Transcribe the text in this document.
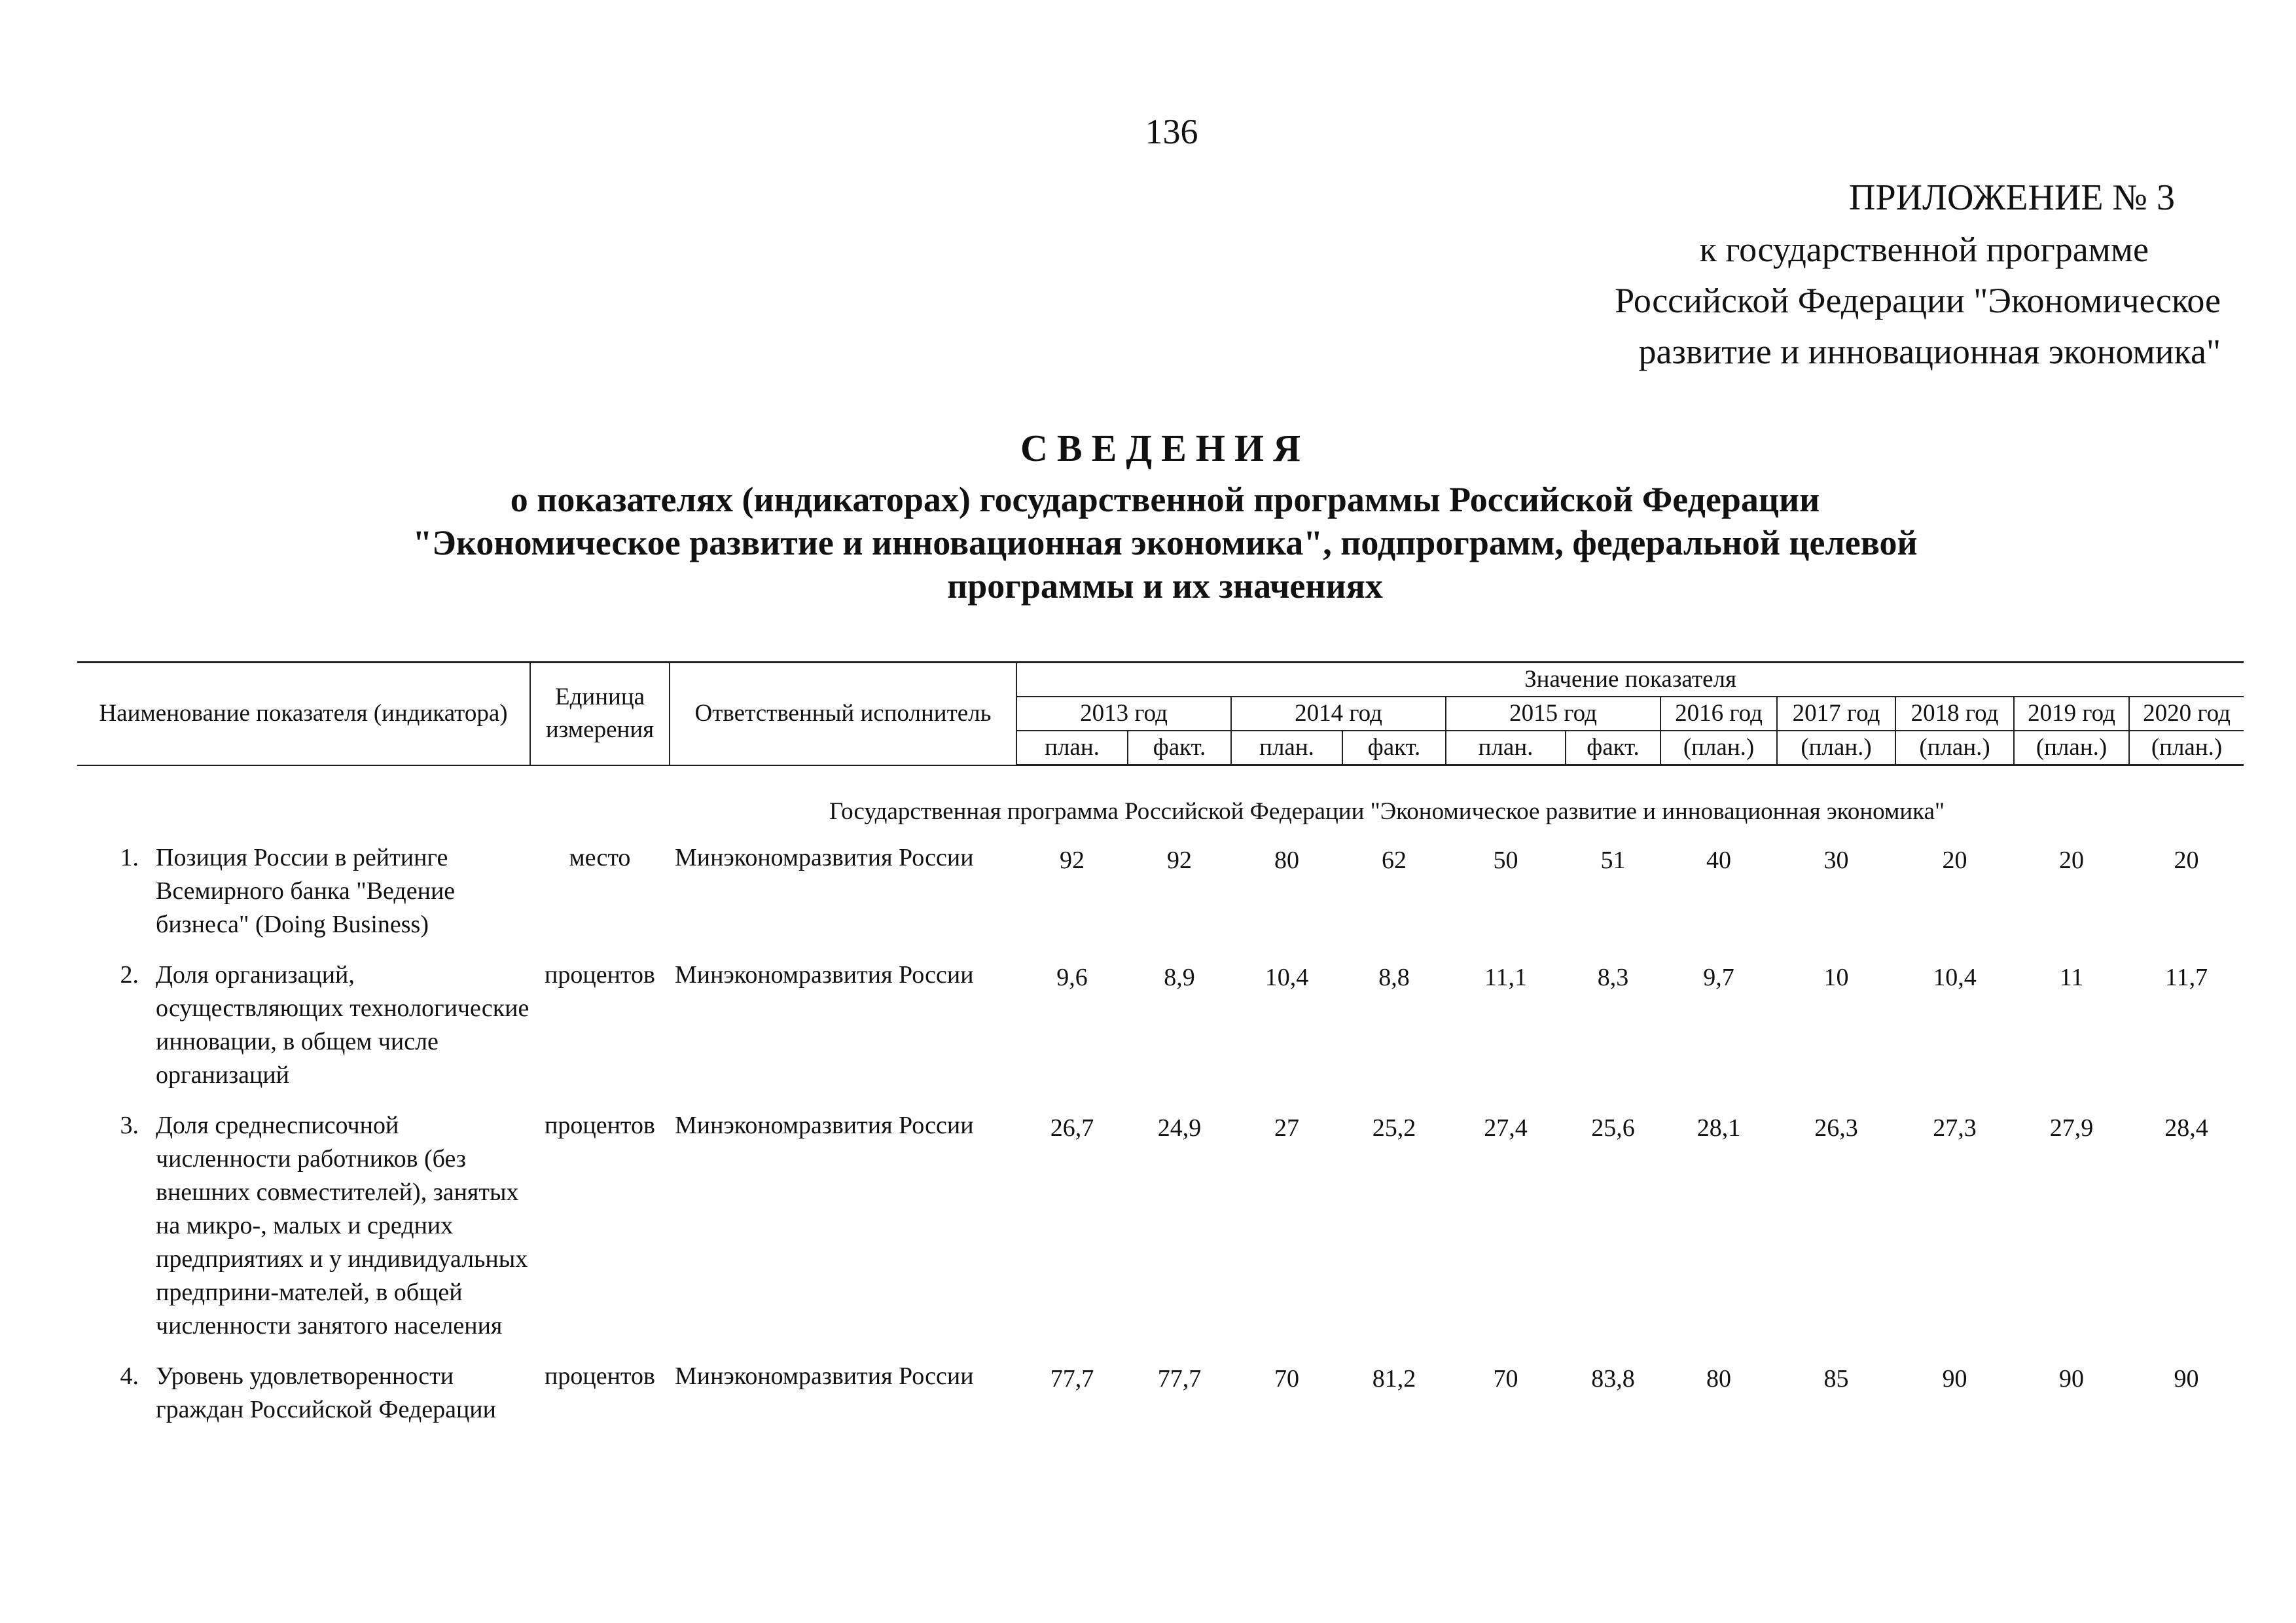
136
ПРИЛОЖЕНИЕ № 3
к государственной программе
Российской Федерации "Экономическое
развитие и инновационная экономика"
СВЕДЕНИЯ
о показателях (индикаторах) государственной программы Российской Федерации
"Экономическое развитие и инновационная экономика", подпрограмм, федеральной целевой
программы и их значениях
Наименование показателя (индикатора)		Единица измерения	Ответственный исполнитель	Значение показателя										
				2013 год		2014 год		2015 год		2016 год	2017 год	2018 год	2019 год	2020 год
				план.	факт.	план.	факт.	план.	факт.	(план.)	(план.)	(план.)	(план.)	(план.)
		Государственная программа Российской Федерации "Экономическое развитие и инновационная экономика"												
1.	Позиция России в рейтинге Всемирного банка "Ведение бизнеса" (Doing Business)	место	Минэкономразвития России	92	92	80	62	50	51	40	30	20	20	20
2.	Доля организаций, осуществляющих технологические инновации, в общем числе организаций	процентов	Минэкономразвития России	9,6	8,9	10,4	8,8	11,1	8,3	9,7	10	10,4	11	11,7
3.	Доля среднесписочной численности работников (без внешних совместителей), занятых на микро-, малых и средних предприятиях и у индивидуальных предприни-мателей, в общей численности занятого населения	процентов	Минэкономразвития России	26,7	24,9	27	25,2	27,4	25,6	28,1	26,3	27,3	27,9	28,4
4.	Уровень удовлетворенности граждан Российской Федерации	процентов	Минэкономразвития России	77,7	77,7	70	81,2	70	83,8	80	85	90	90	90
